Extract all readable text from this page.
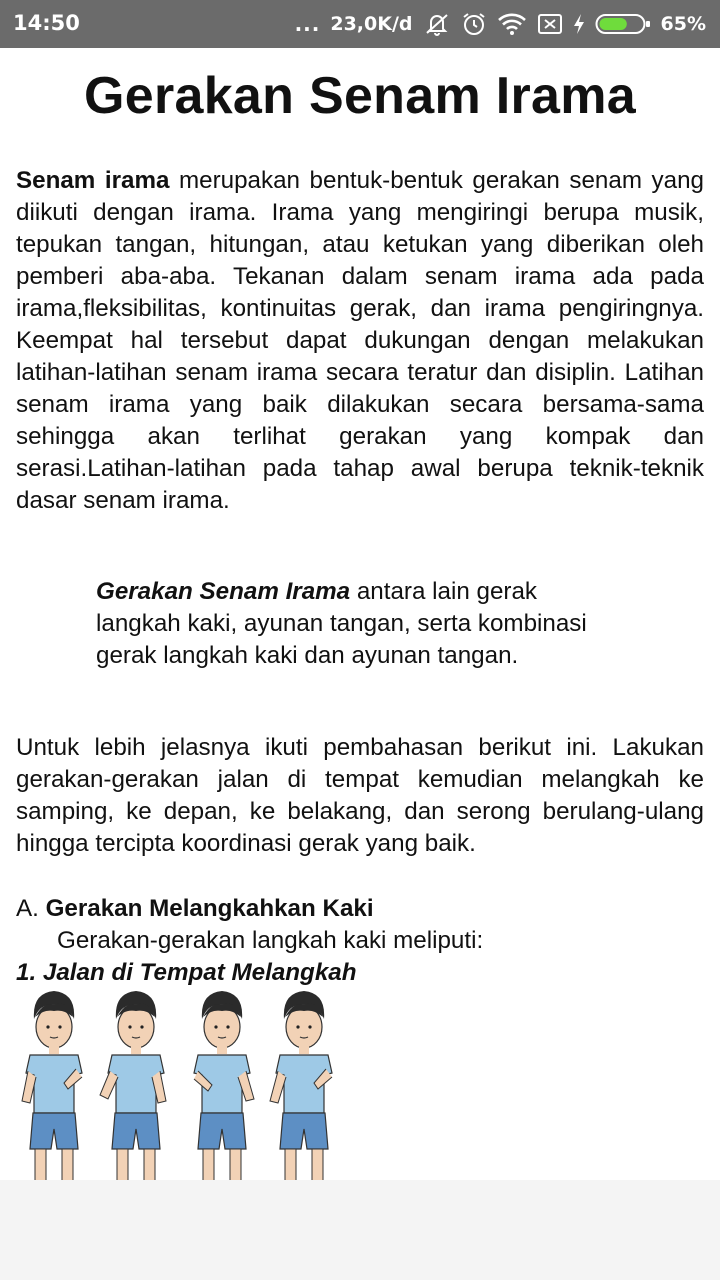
14:50	... 23,0K/d	65%
Gerakan Senam Irama
Senam irama merupakan bentuk-bentuk gerakan senam yang diikuti dengan irama. Irama yang mengiringi berupa musik, tepukan tangan, hitungan, atau ketukan yang diberikan oleh pemberi aba-aba. Tekanan dalam senam irama ada pada irama,fleksibilitas, kontinuitas gerak, dan irama pengiringnya. Keempat hal tersebut dapat dukungan dengan melakukan latihan-latihan senam irama secara teratur dan disiplin. Latihan senam irama yang baik dilakukan secara bersama-sama sehingga akan terlihat gerakan yang kompak dan serasi.Latihan-latihan pada tahap awal berupa teknik-teknik dasar senam irama.
Gerakan Senam Irama antara lain gerak langkah kaki, ayunan tangan, serta kombinasi gerak langkah kaki dan ayunan tangan.
Untuk lebih jelasnya ikuti pembahasan berikut ini. Lakukan gerakan-gerakan jalan di tempat kemudian melangkah ke samping, ke depan, ke belakang, dan serong berulang-ulang hingga tercipta koordinasi gerak yang baik.
A. Gerakan Melangkahkan Kaki
Gerakan-gerakan langkah kaki meliputi:
1. Jalan di Tempat Melangkah
